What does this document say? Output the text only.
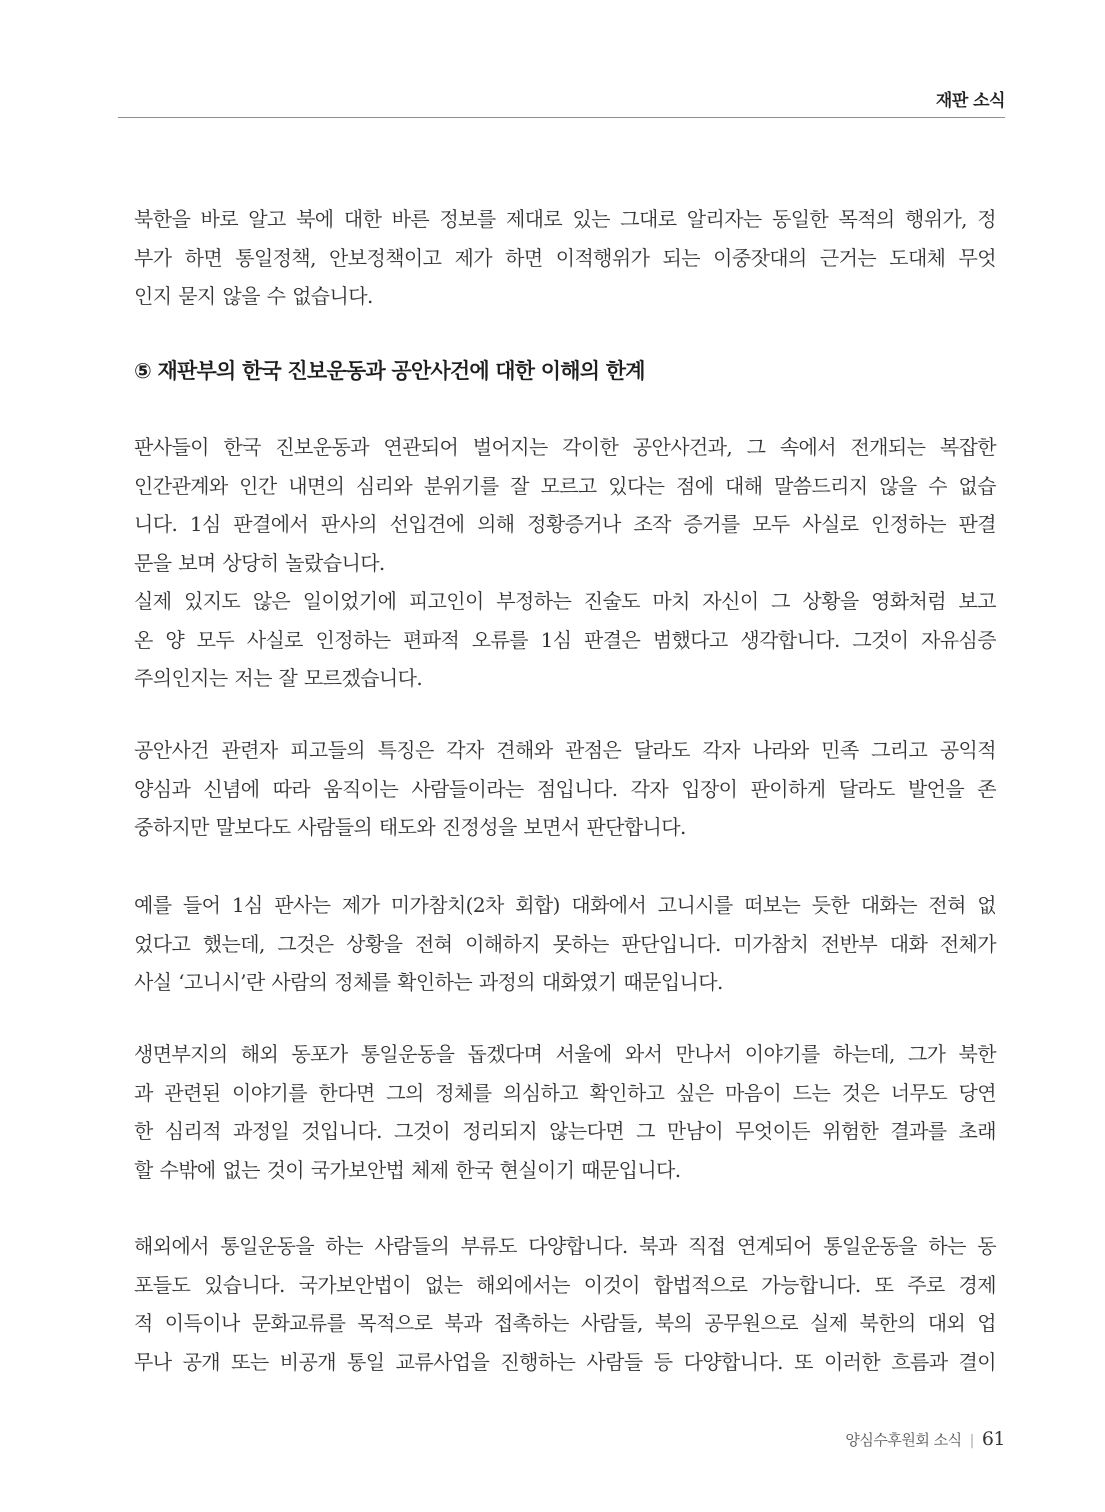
재판 소식

북한을 바로 알고 북에 대한 바른 정보를 제대로 있는 그대로 알리자는 동일한 목적의 행위가, 정
부가 하면 통일정책, 안보정책이고 제가 하면 이적행위가 되는 이중잣대의 근거는 도대체 무엇
인지 묻지 않을 수 없습니다.

⑤ 재판부의 한국 진보운동과 공안사건에 대한 이해의 한계

판사들이 한국 진보운동과 연관되어 벌어지는 각이한 공안사건과, 그 속에서 전개되는 복잡한
인간관계와 인간 내면의 심리와 분위기를 잘 모르고 있다는 점에 대해 말씀드리지 않을 수 없습
니다. 1심 판결에서 판사의 선입견에 의해 정황증거나 조작 증거를 모두 사실로 인정하는 판결
문을 보며 상당히 놀랐습니다.

실제 있지도 않은 일이었기에 피고인이 부정하는 진술도 마치 자신이 그 상황을 영화처럼 보고
온 양 모두 사실로 인정하는 편파적 오류를 1심 판결은 범했다고 생각합니다. 그것이 자유심증
주의인지는 저는 잘 모르겠습니다.

공안사건 관련자 피고들의 특징은 각자 견해와 관점은 달라도 각자 나라와 민족 그리고 공익적
양심과 신념에 따라 움직이는 사람들이라는 점입니다. 각자 입장이 판이하게 달라도 발언을 존
중하지만 말보다도 사람들의 태도와 진정성을 보면서 판단합니다.

예를 들어 1심 판사는 제가 미가참치(2차 회합) 대화에서 고니시를 떠보는 듯한 대화는 전혀 없
었다고 했는데, 그것은 상황을 전혀 이해하지 못하는 판단입니다. 미가참치 전반부 대화 전체가
사실 ‘고니시’란 사람의 정체를 확인하는 과정의 대화였기 때문입니다.

생면부지의 해외 동포가 통일운동을 돕겠다며 서울에 와서 만나서 이야기를 하는데, 그가 북한
과 관련된 이야기를 한다면 그의 정체를 의심하고 확인하고 싶은 마음이 드는 것은 너무도 당연
한 심리적 과정일 것입니다. 그것이 정리되지 않는다면 그 만남이 무엇이든 위험한 결과를 초래
할 수밖에 없는 것이 국가보안법 체제 한국 현실이기 때문입니다.

해외에서 통일운동을 하는 사람들의 부류도 다양합니다. 북과 직접 연계되어 통일운동을 하는 동
포들도 있습니다. 국가보안법이 없는 해외에서는 이것이 합법적으로 가능합니다. 또 주로 경제
적 이득이나 문화교류를 목적으로 북과 접촉하는 사람들, 북의 공무원으로 실제 북한의 대외 업
무나 공개 또는 비공개 통일 교류사업을 진행하는 사람들 등 다양합니다. 또 이러한 흐름과 결이

양심수후원회 소식 | 61
